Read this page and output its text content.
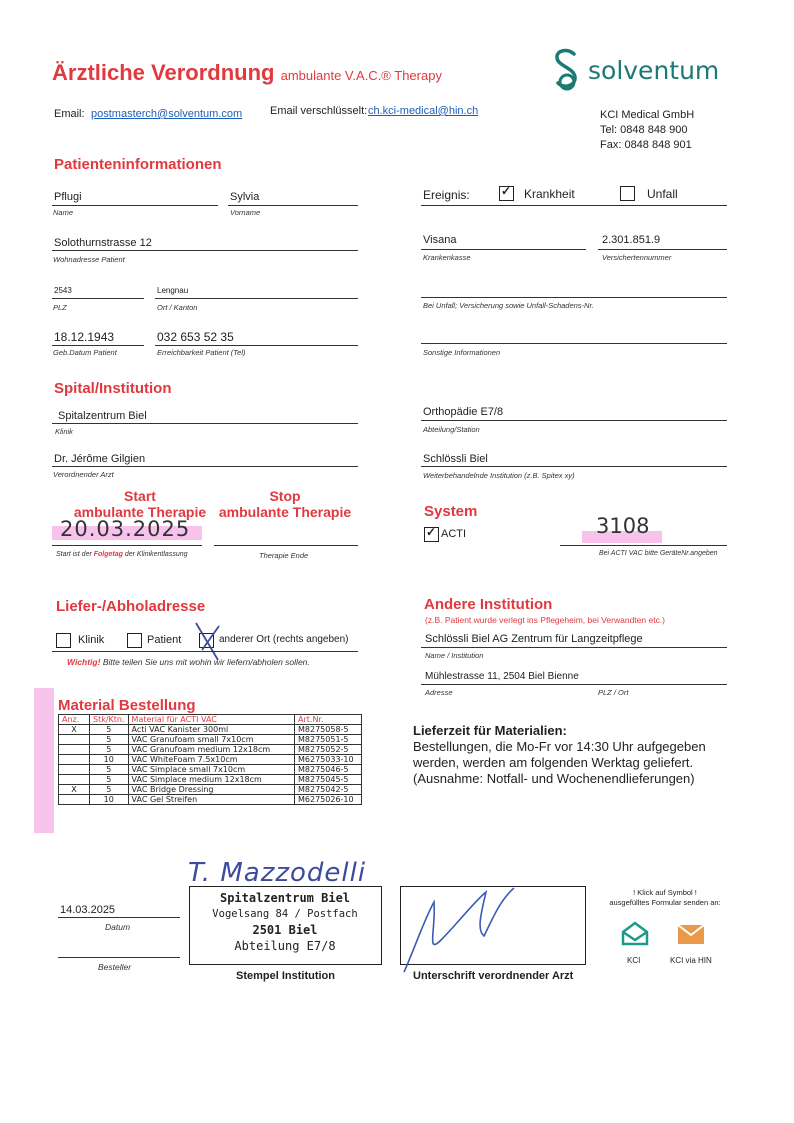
Ärztliche Verordnung ambulante V.A.C.® Therapy	solventum
Email: postmasterch@solventum.com	Email verschlüsselt: ch.kci-medical@hin.ch	KCI Medical GmbH
Tel: 0848 848 900
Fax: 0848 848 901
Patienteninformationen
Pflugi
Name
Sylvia
Vorname
Solothurnstrasse 12
Wohnadresse Patient
2543
PLZ
Lengnau
Ort / Kanton
18.12.1943
Geb.Datum Patient
032 653 52 35
Erreichbarkeit Patient (Tel)
Ereignis: ✓	Krankheit	Unfall
Visana
Krankenkasse
2.301.851.9
Versichertennummer
Bei Unfall; Versicherung sowie Unfall-Schadens-Nr.
Sonstige Informationen
Spital/Institution
Spitalzentrum Biel
Klinik
Dr. Jérôme Gilgien
Verordnender Arzt
Orthopädie E7/8
Abteilung/Station
Schlössli Biel
Weiterbehandelnde Institution (z.B. Spitex xy)
Start
ambulante Therapie
Stop
ambulante Therapie
20.03.2025
Start ist der Folgetag der Klinikentlassung	Therapie Ende
System
✓
ACTI	3108
Bei ACTI VAC bitte GeräteNr.angeben
Liefer-/Abholadresse
Klinik	Patient	anderer Ort (rechts angeben)
Wichtig! Bitte teilen Sie uns mit wohin wir liefern/abholen sollen.
Andere Institution
(z.B. Patient wurde verlegt ins Pflegeheim, bei Verwandten etc.)
Schlössli Biel AG Zentrum für Langzeitpflege
Name / Institution
Mühlestrasse 11, 2504 Biel Bienne
Adresse	PLZ / Ort
Material Bestellung
Anz.	Stk/Ktn.	Material für ACTI VAC	Art.Nr.
X	5	Acti VAC Kanister 300ml	M8275058-5
	5	VAC Granufoam small 7x10cm	M8275051-5
	5	VAC Granufoam medium 12x18cm	M8275052-5
	10	VAC WhiteFoam 7.5x10cm	M6275033-10
	5	VAC Simplace small 7x10cm	M8275046-5
	5	VAC Simplace medium 12x18cm	M8275045-5
X	5	VAC Bridge Dressing	M8275042-5
	10	VAC Gel Streifen	M6275026-10
Lieferzeit für Materialien:
Bestellungen, die Mo-Fr vor 14:30 Uhr aufgegeben
werden, werden am folgenden Werktag geliefert.
(Ausnahme: Notfall- und Wochenendlieferungen)
14.03.2025
Datum
Besteller
T. Mazzodelli
Spitalzentrum Biel
Vogelsang 84 / Postfach
2501 Biel
Abteilung E7/8
Stempel Institution	Unterschrift verordnender Arzt
! Klick auf Symbol !
ausgefülltes Formular senden an:
KCI	KCI via HIN
